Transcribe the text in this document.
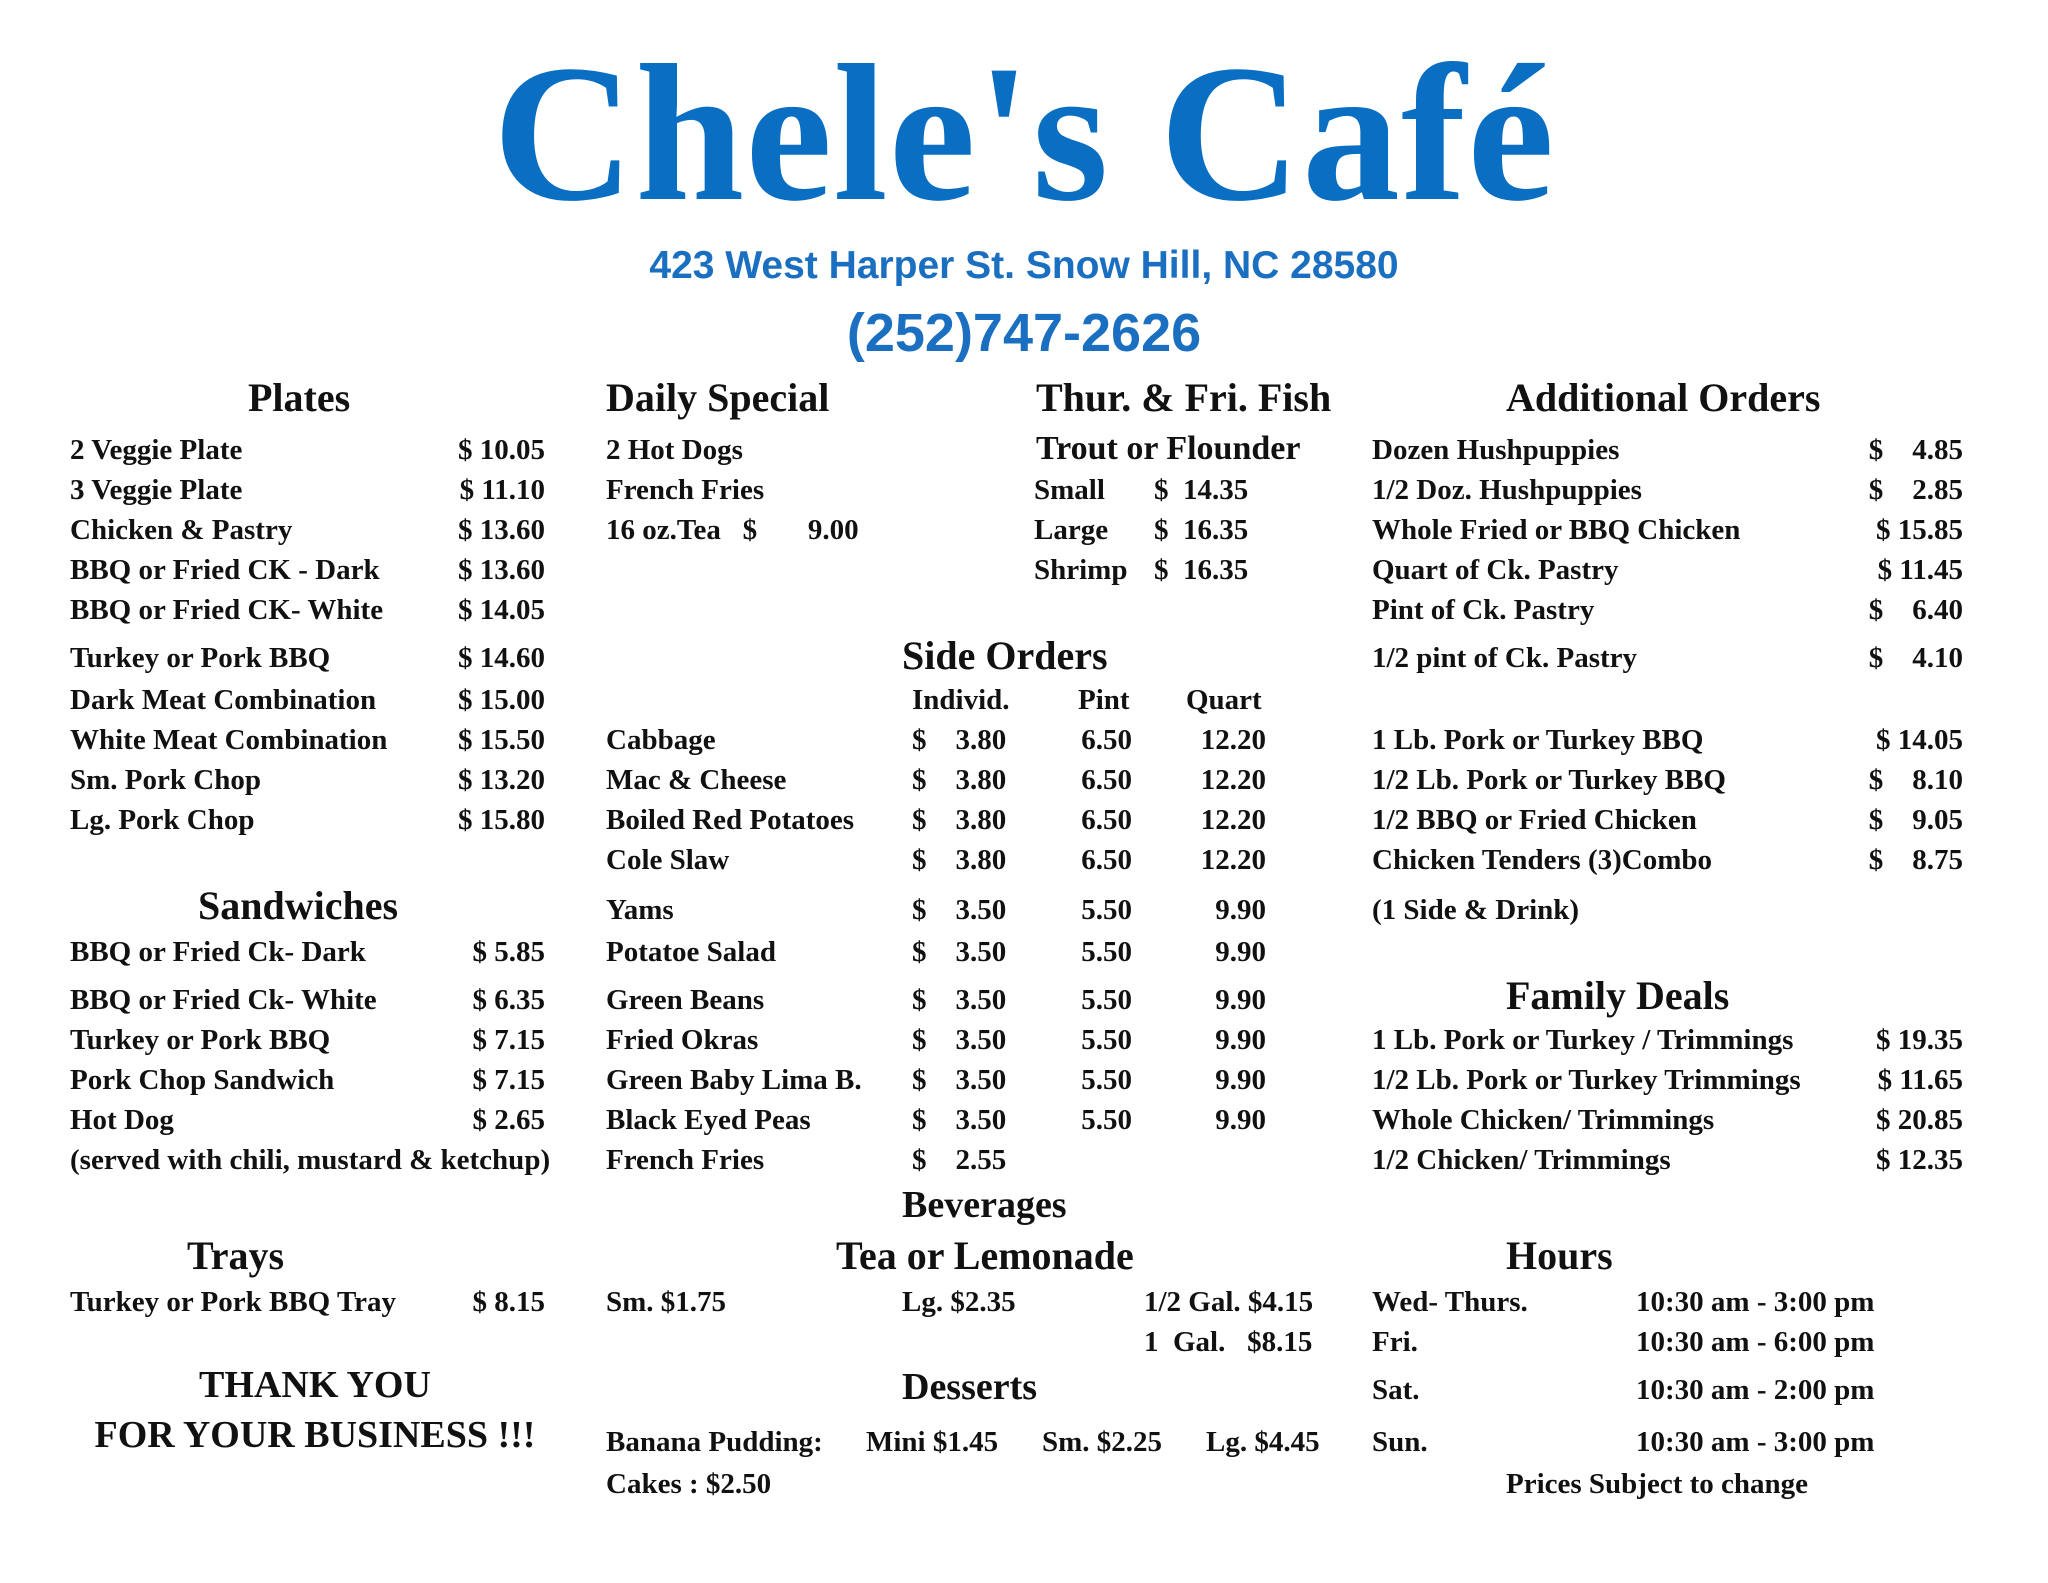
Chele's Café
423 West Harper St. Snow Hill, NC 28580
(252)747-2626
Plates
2 Veggie Plate	$ 10.05
3 Veggie Plate	$ 11.10
Chicken & Pastry	$ 13.60
BBQ or Fried CK - Dark	$ 13.60
BBQ or Fried CK- White	$ 14.05
Turkey or Pork BBQ	$ 14.60
Dark Meat Combination	$ 15.00
White Meat Combination	$ 15.50
Sm. Pork Chop	$ 13.20
Lg. Pork Chop	$ 15.80
Sandwiches
BBQ or Fried Ck- Dark	$ 5.85
BBQ or Fried Ck- White	$ 6.35
Turkey or Pork BBQ	$ 7.15
Pork Chop Sandwich	$ 7.15
Hot Dog	$ 2.65
(served with chili, mustard & ketchup)
Trays
Turkey or Pork BBQ Tray	$ 8.15
THANK YOU
FOR YOUR BUSINESS !!!
Daily Special
2 Hot Dogs
French Fries
16 oz.Tea   $       9.00
Thur. & Fri. Fish
Trout or Flounder
Small $  14.35
Large $  16.35
Shrimp $  16.35
Side Orders
Individ. Pint Quart
Cabbage	$    3.80	6.50	12.20
Mac & Cheese	$    3.80	6.50	12.20
Boiled Red Potatoes $    3.80	6.50	12.20
Cole Slaw	$    3.80	6.50	12.20
Yams	$    3.50	5.50	9.90
Potatoe Salad	$    3.50	5.50	9.90
Green Beans	$    3.50	5.50	9.90
Fried Okras	$    3.50	5.50	9.90
Green Baby Lima B. $    3.50	5.50	9.90
Black Eyed Peas	$    3.50	5.50	9.90
French Fries	$    2.55
Beverages
Tea or Lemonade
Sm. $1.75	Lg. $2.35	1/2 Gal. $4.15
1  Gal.   $8.15
Desserts
Banana Pudding: Mini $1.45 Sm. $2.25 Lg. $4.45
Cakes : $2.50
Additional Orders
Dozen Hushpuppies	$    4.85
1/2 Doz. Hushpuppies	$    2.85
Whole Fried or BBQ Chicken	$ 15.85
Quart of Ck. Pastry	$ 11.45
Pint of Ck. Pastry	$    6.40
1/2 pint of Ck. Pastry	$    4.10
1 Lb. Pork or Turkey BBQ	$ 14.05
1/2 Lb. Pork or Turkey BBQ	$    8.10
1/2 BBQ or Fried Chicken	$    9.05
Chicken Tenders (3)Combo	$    8.75
(1 Side & Drink)
Family Deals
1 Lb. Pork or Turkey / Trimmings	$ 19.35
1/2 Lb. Pork or Turkey Trimmings	$ 11.65
Whole Chicken/ Trimmings	$ 20.85
1/2 Chicken/ Trimmings	$ 12.35
Hours
Wed- Thurs.	10:30 am - 3:00 pm
Fri.	10:30 am - 6:00 pm
Sat.	10:30 am - 2:00 pm
Sun.	10:30 am - 3:00 pm
Prices Subject to change
